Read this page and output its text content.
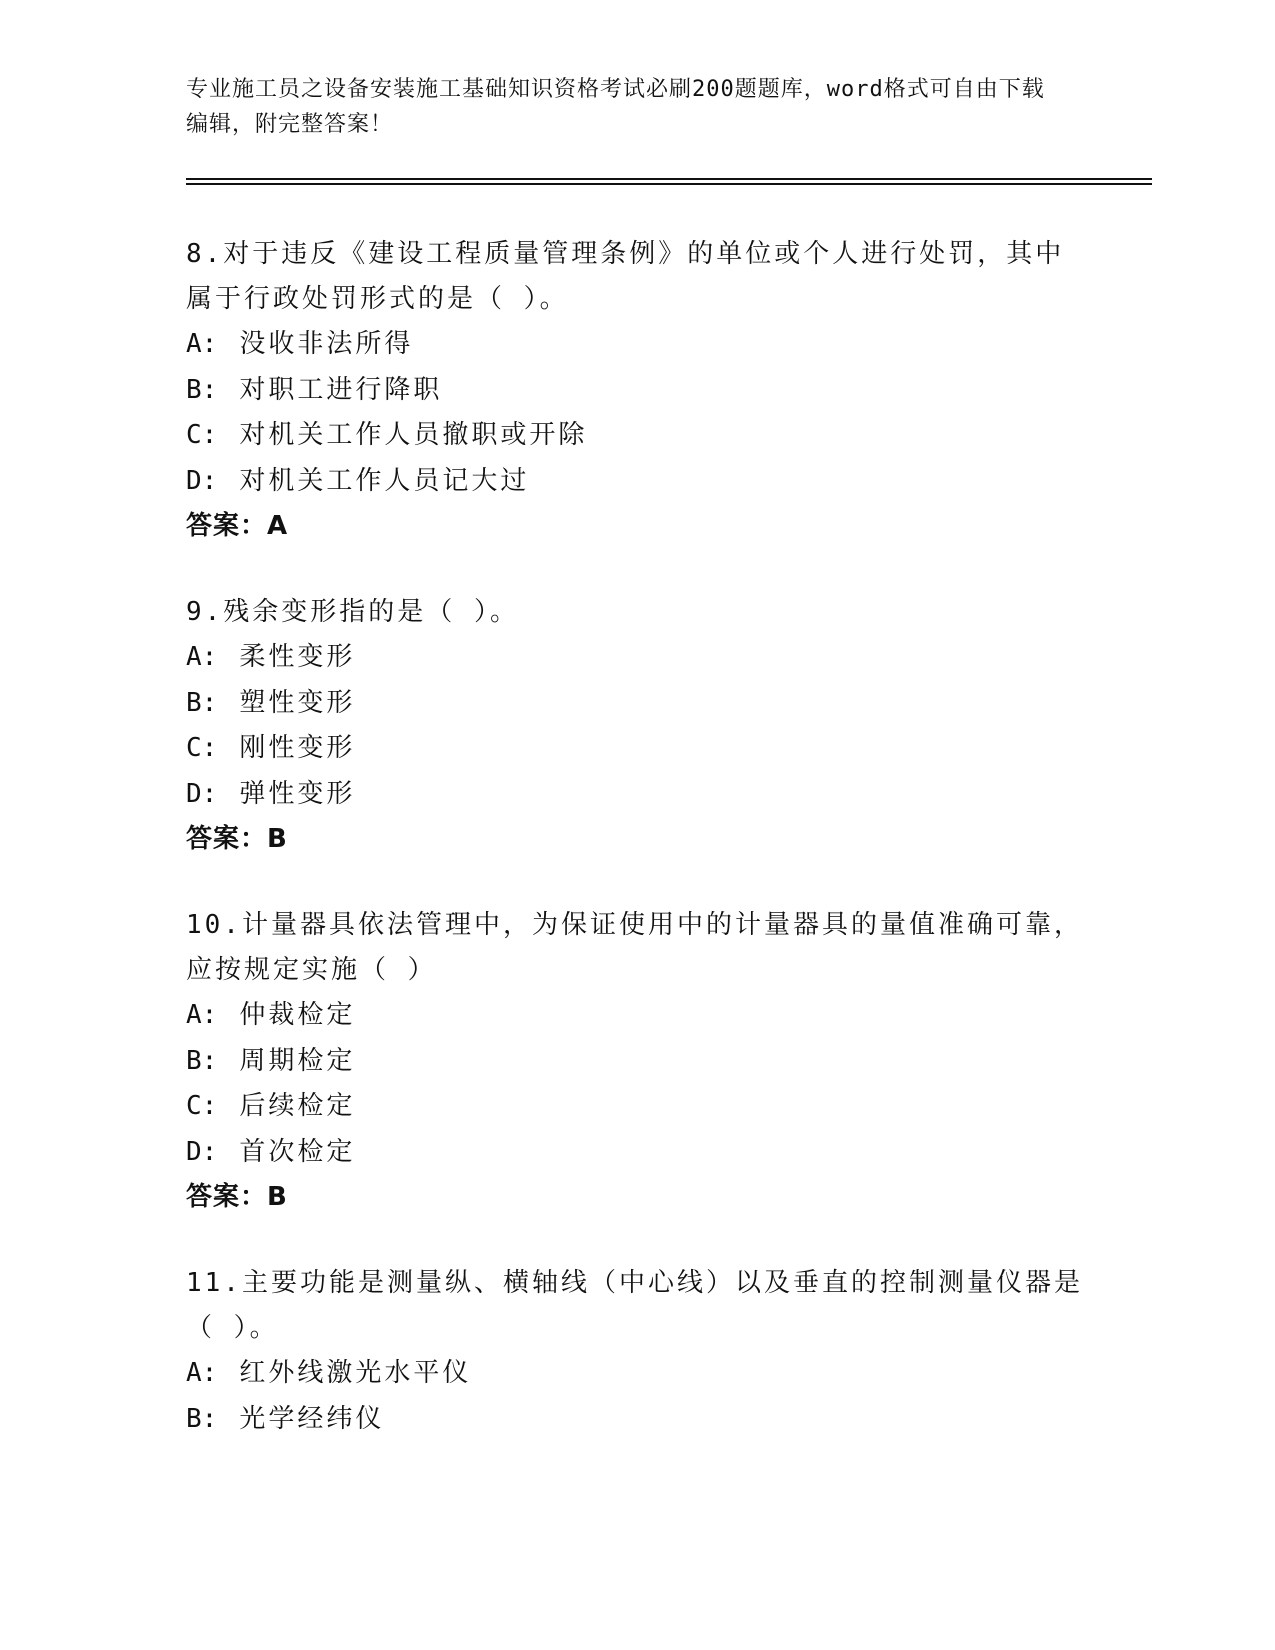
专业施工员之设备安装施工基础知识资格考试必刷200题题库，word格式可自由下载编辑，附完整答案！
8.对于违反《建设工程质量管理条例》的单位或个人进行处罚，其中属于行政处罚形式的是（ ）。
A: 没收非法所得
B: 对职工进行降职
C: 对机关工作人员撤职或开除
D: 对机关工作人员记大过
答案：A
9.残余变形指的是（ ）。
A: 柔性变形
B: 塑性变形
C: 刚性变形
D: 弹性变形
答案：B
10.计量器具依法管理中，为保证使用中的计量器具的量值准确可靠，应按规定实施（ ）
A: 仲裁检定
B: 周期检定
C: 后续检定
D: 首次检定
答案：B
11.主要功能是测量纵、横轴线（中心线）以及垂直的控制测量仪器是（ ）。
A: 红外线激光水平仪
B: 光学经纬仪
